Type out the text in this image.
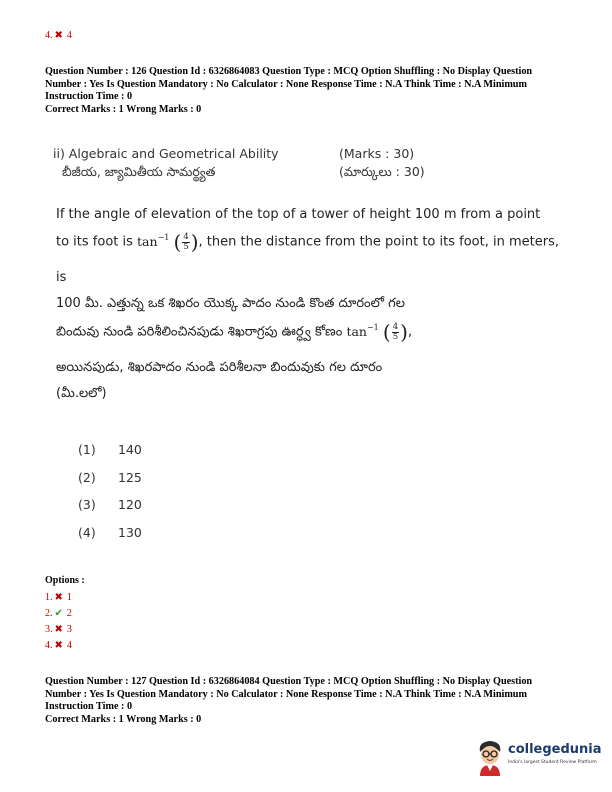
4. ✖ 4
Question Number : 126 Question Id : 6326864083 Question Type : MCQ Option Shuffling : No Display Question
Number : Yes Is Question Mandatory : No Calculator : None Response Time : N.A Think Time : N.A Minimum
Instruction Time : 0
Correct Marks : 1 Wrong Marks : 0
ii) Algebraic and Geometrical Ability
బీజీయ, జ్యామితీయ సామర్థ్యత
(Marks : 30)
(మార్కులు : 30)
If the angle of elevation of the top of a tower of height 100 m from a point
to its foot is $\tan^{-1}$ ( $\frac{4}{5}$ ) , then the distance from the point to its foot, in meters,
is
100 మీ. ఎత్తున్న ఒక శిఖరం యొక్క పాదం నుండి కొంత దూరంలో గల
బిందువు నుండి పరిశీలించినపుడు శిఖరాగ్రపు ఊర్ధ్వ కోణం $\tan^{-1}$ ( $\frac{4}{5}$ ) ,
అయినపుడు, శిఖరపాదం నుండి పరిశీలనా బిందువుకు గల దూరం
(మీ.లలో)
(1) 140
(2) 125
(3) 120
(4) 130
Options :
1. ✖ 1
2. ✔ 2
3. ✖ 3
4. ✖ 4
Question Number : 127 Question Id : 6326864084 Question Type : MCQ Option Shuffling : No Display Question
Number : Yes Is Question Mandatory : No Calculator : None Response Time : N.A Think Time : N.A Minimum
Instruction Time : 0
Correct Marks : 1 Wrong Marks : 0
collegedunia
India's largest Student Review Platform
